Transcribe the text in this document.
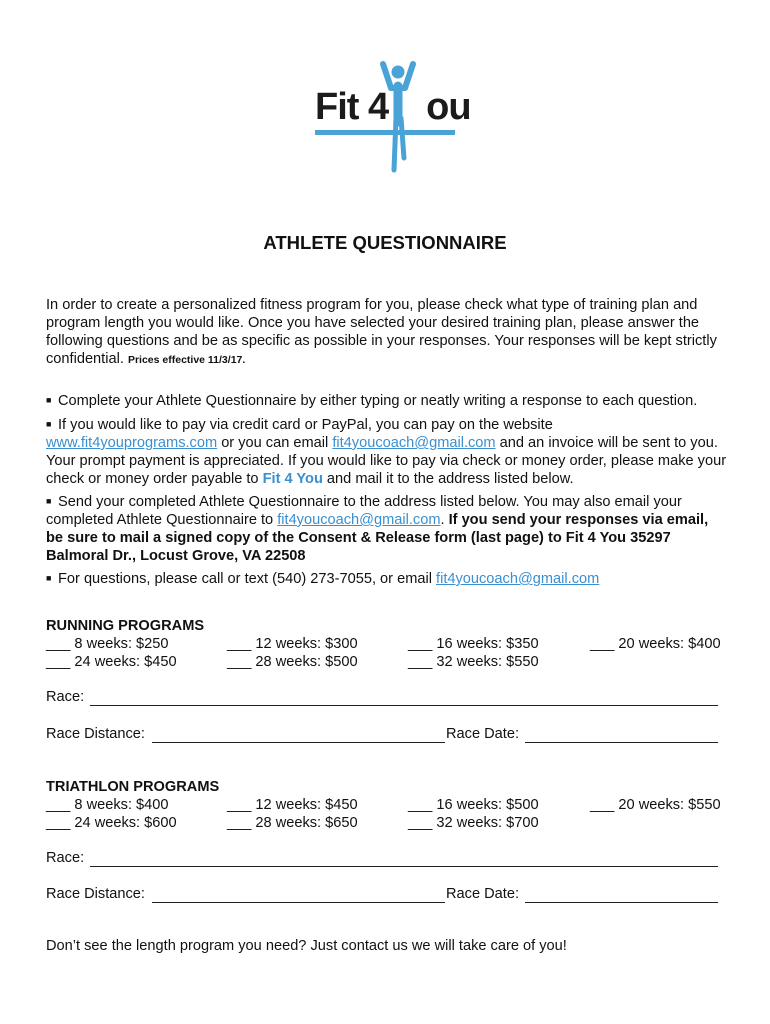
Fit 4 ou
ATHLETE QUESTIONNAIRE
In order to create a personalized fitness program for you, please check what type of training plan and program length you would like. Once you have selected your desired training plan, please answer the following questions and be as specific as possible in your responses. Your responses will be kept strictly confidential. Prices effective 11/3/17.
■ Complete your Athlete Questionnaire by either typing or neatly writing a response to each question.
■ If you would like to pay via credit card or PayPal, you can pay on the website
www.fit4youprograms.com or you can email fit4youcoach@gmail.com and an invoice will be sent to you. Your prompt payment is appreciated. If you would like to pay via check or money order, please make your check or money order payable to Fit 4 You and mail it to the address listed below.
■ Send your completed Athlete Questionnaire to the address listed below. You may also email your completed Athlete Questionnaire to fit4youcoach@gmail.com. If you send your responses via email, be sure to mail a signed copy of the Consent & Release form (last page) to Fit 4 You 35297 Balmoral Dr., Locust Grove, VA 22508
■ For questions, please call or text (540) 273-7055, or email fit4youcoach@gmail.com
RUNNING PROGRAMS
___ 8 weeks: $250	___ 12 weeks: $300	___ 16 weeks: $350	___ 20 weeks: $400
___ 24 weeks: $450	___ 28 weeks: $500	___ 32 weeks: $550
Race:
Race Distance:	Race Date:
TRIATHLON PROGRAMS
___ 8 weeks: $400	___ 12 weeks: $450	___ 16 weeks: $500	___ 20 weeks: $550
___ 24 weeks: $600	___ 28 weeks: $650	___ 32 weeks: $700
Race:
Race Distance:	Race Date:
Don’t see the length program you need? Just contact us we will take care of you!
